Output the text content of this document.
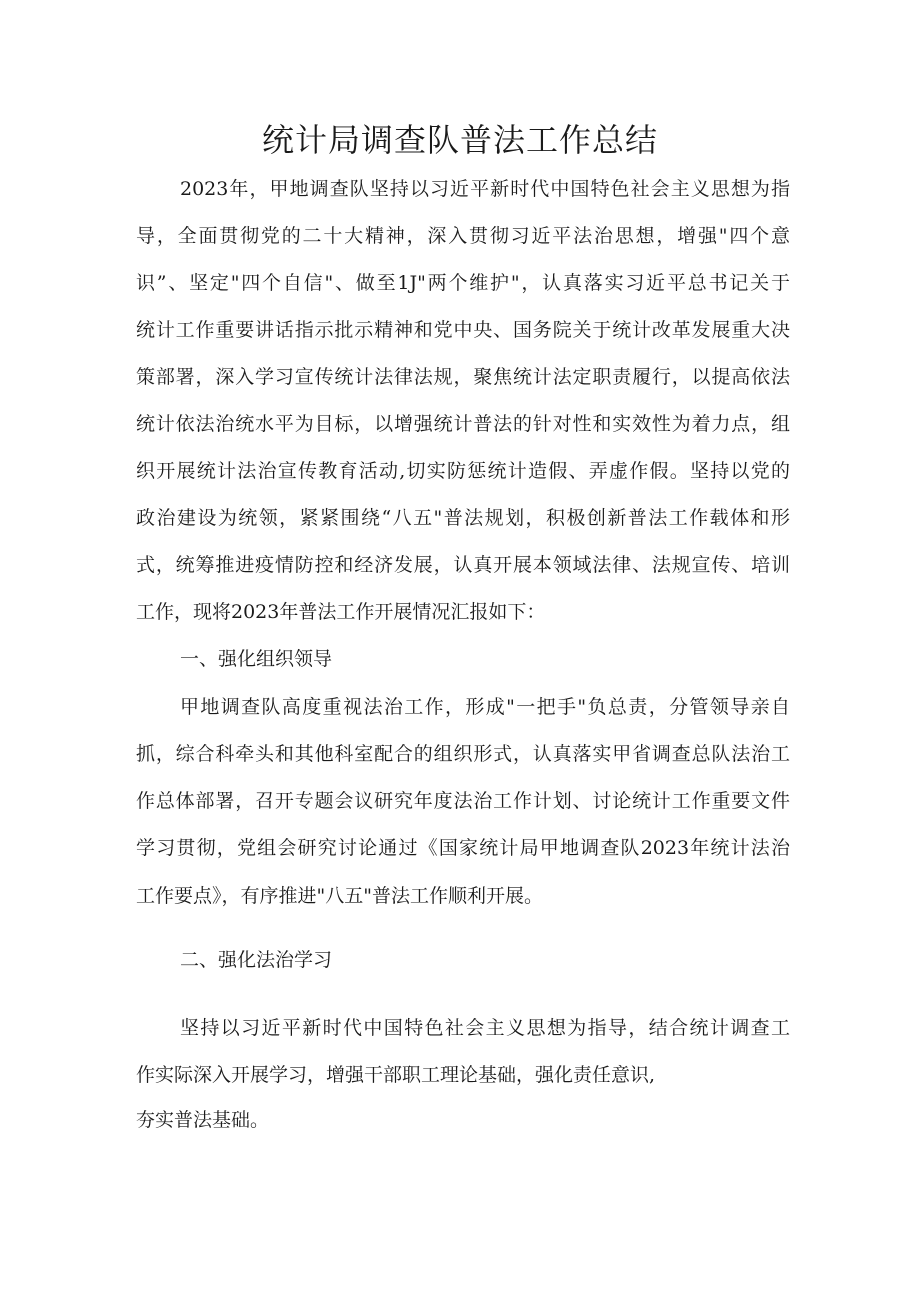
统计局调查队普法工作总结
2023年，甲地调查队坚持以习近平新时代中国特色社会主义思想为指
导，全面贯彻党的二十大精神，深入贯彻习近平法治思想，增强"四个意
识”、坚定"四个自信"、做至1J"两个维护"，认真落实习近平总书记关于
统计工作重要讲话指示批示精神和党中央、国务院关于统计改革发展重大决
策部署，深入学习宣传统计法律法规，聚焦统计法定职责履行，以提高依法
统计依法治统水平为目标，以增强统计普法的针对性和实效性为着力点，组
织开展统计法治宣传教育活动,切实防惩统计造假、弄虚作假。坚持以党的
政治建设为统领，紧紧围绕“八五"普法规划，积极创新普法工作载体和形
式，统筹推进疫情防控和经济发展，认真开展本领域法律、法规宣传、培训
工作，现将2023年普法工作开展情况汇报如下：
一、强化组织领导
甲地调查队高度重视法治工作，形成"一把手"负总责，分管领导亲自
抓，综合科牵头和其他科室配合的组织形式，认真落实甲省调查总队法治工
作总体部署，召开专题会议研究年度法治工作计划、讨论统计工作重要文件
学习贯彻，党组会研究讨论通过《国家统计局甲地调查队2023年统计法治
工作要点》，有序推进"八五"普法工作顺利开展。
二、强化法治学习
坚持以习近平新时代中国特色社会主义思想为指导，结合统计调查工
作实际深入开展学习，增强干部职工理论基础，强化责任意识,
夯实普法基础。
